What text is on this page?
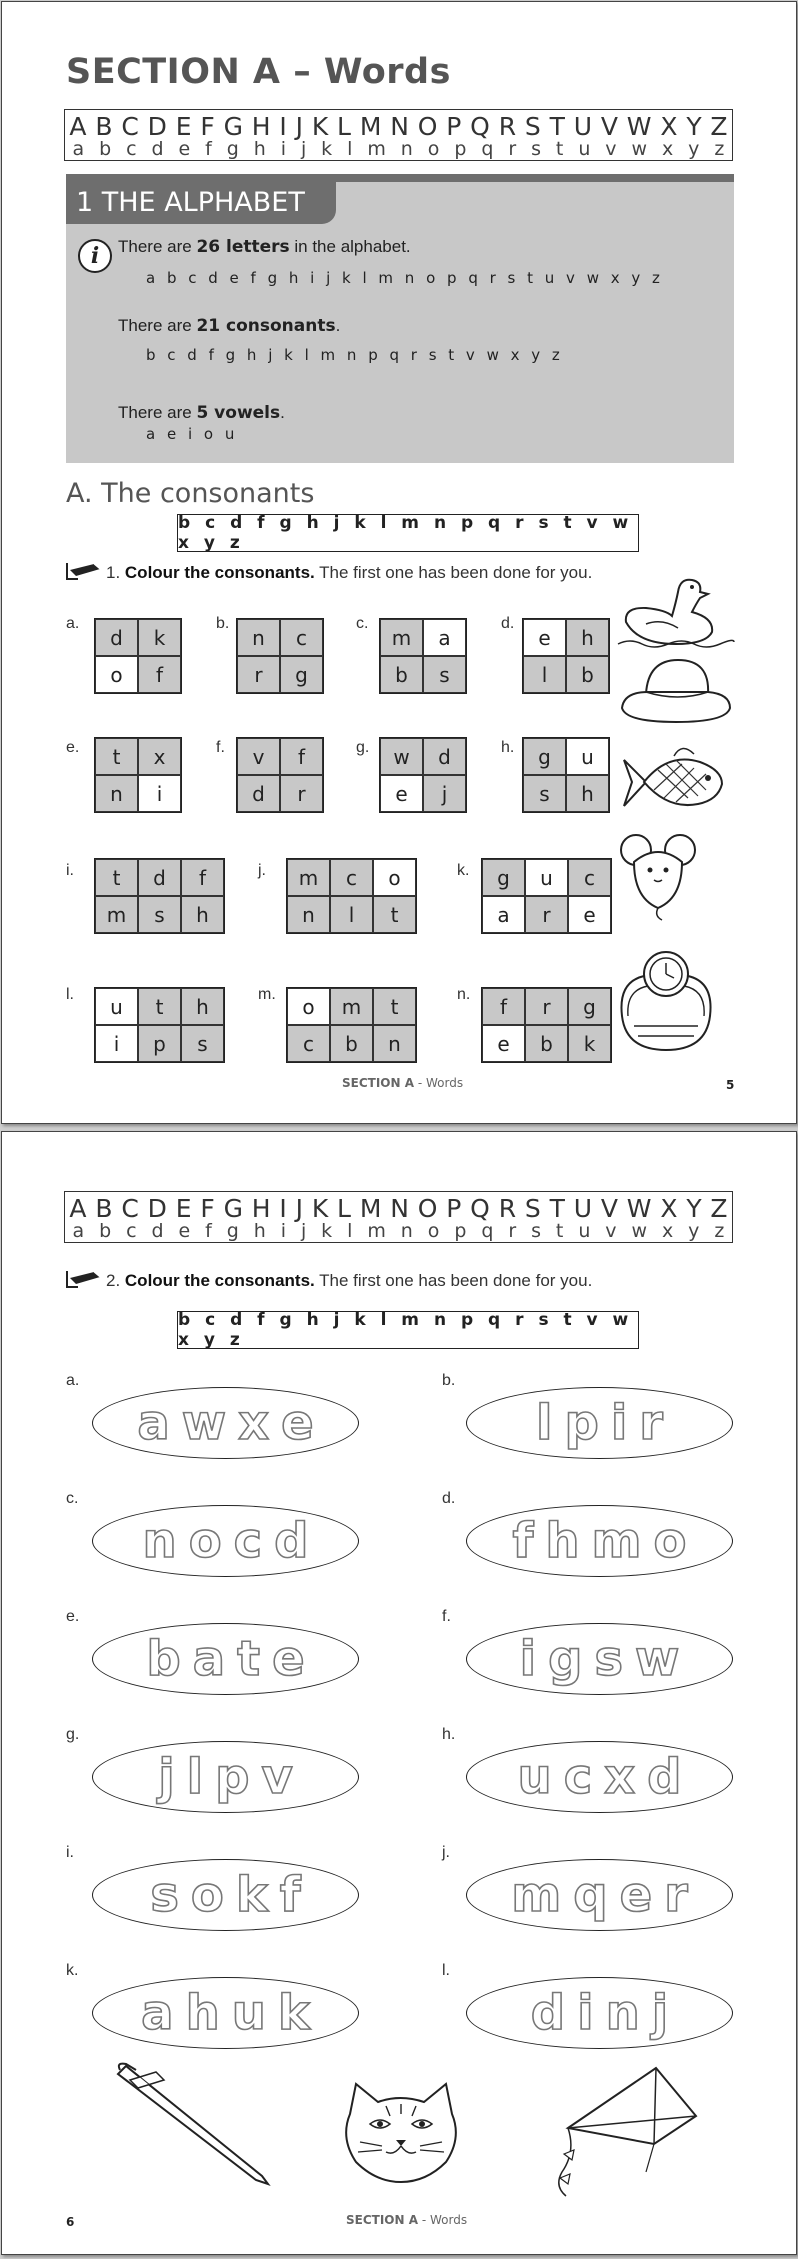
SECTION A – Words
A B C D E F G H I J K L M N O P Q R S T U V W X Y Z
a b c d e f g h i j k l m n o p q r s t u v w x y z
1 THE ALPHABET
i	There are 26 letters in the alphabet.
a b c d e f g h i j k l m n o p q r s t u v w x y z
There are 21 consonants.
b c d f g h j k l m n p q r s t v w x y z
There are 5 vowels.
a e i o u
A. The consonants
b c d f g h j k l m n p q r s t v w x y z
1. Colour the consonants. The first one has been done for you.
a.
d	k
o	f
b.
n	c
r	g
c.
m	a
b	s
d.
e	h
l	b
e.	t	x
n	i
f.	v	f
d	r
g.	w	d
e	j
h.	g	u
s	h
i.	t	d	f
m	s	h
j.	m	c	o
n	l	t
k.	g	u	c
a	r	e
l.	u	t	h
i	p	s
m.	o	m	t
c	b	n
n.	f	r	g
e	b	k
SECTION A - Words	5
A B C D E F G H I J K L M N O P Q R S T U V W X Y Z
a b c d e f g h i j k l m n o p q r s t u v w x y z
2. Colour the consonants. The first one has been done for you.
b c d f g h j k l m n p q r s t v w x y z
a.
a w x e
b.
l p i r
c.
n o c d
d.
f h m o
e.
b a t e
f.
i g s w
g.
j l p v
h.
u c x d
i.
s o k f
j.
m q e r
k.
a h u k
l.
d i n j
6	SECTION A - Words
